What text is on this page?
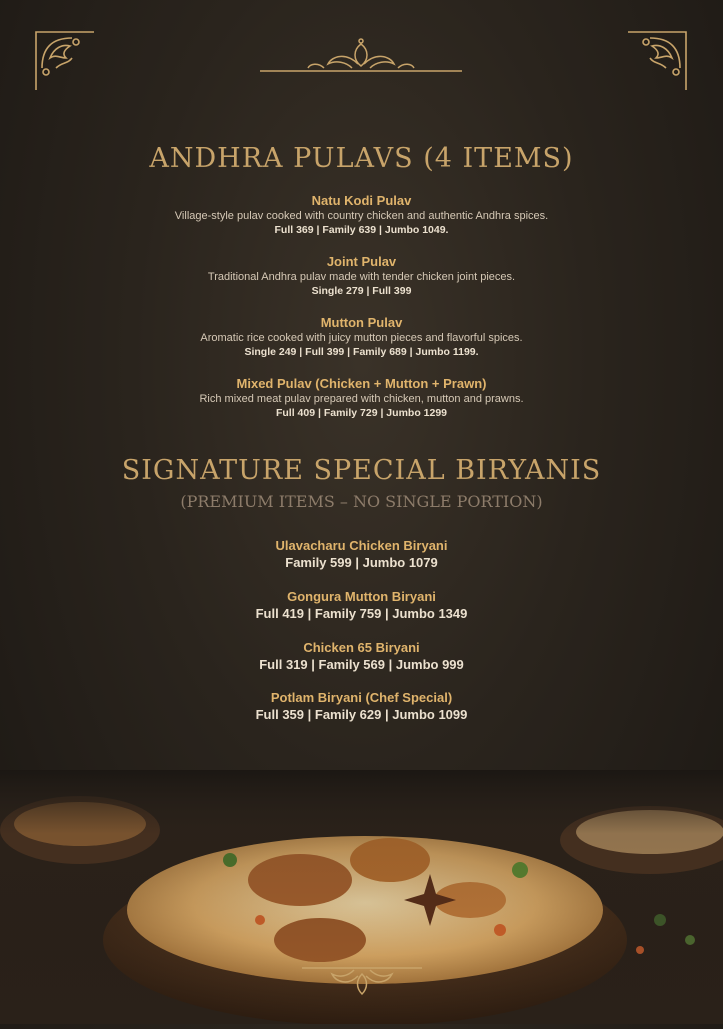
ANDHRA PULAVS (4 ITEMS)
Natu Kodi Pulav
Village-style pulav cooked with country chicken and authentic Andhra spices.
Full 369 | Family 639 | Jumbo 1049.
Joint Pulav
Traditional Andhra pulav made with tender chicken joint pieces.
Single 279 | Full 399
Mutton Pulav
Aromatic rice cooked with juicy mutton pieces and flavorful spices.
Single 249 | Full 399 | Family 689 | Jumbo 1199.
Mixed Pulav (Chicken + Mutton + Prawn)
Rich mixed meat pulav prepared with chicken, mutton and prawns.
Full 409 | Family 729 | Jumbo 1299
SIGNATURE SPECIAL BIRYANIS
(PREMIUM ITEMS – NO SINGLE PORTION)
Ulavacharu Chicken Biryani
Family 599 | Jumbo 1079
Gongura Mutton Biryani
Full 419 | Family 759 | Jumbo 1349
Chicken 65 Biryani
Full 319 | Family 569 | Jumbo 999
Potlam Biryani (Chef Special)
Full 359 | Family 629 | Jumbo 1099
